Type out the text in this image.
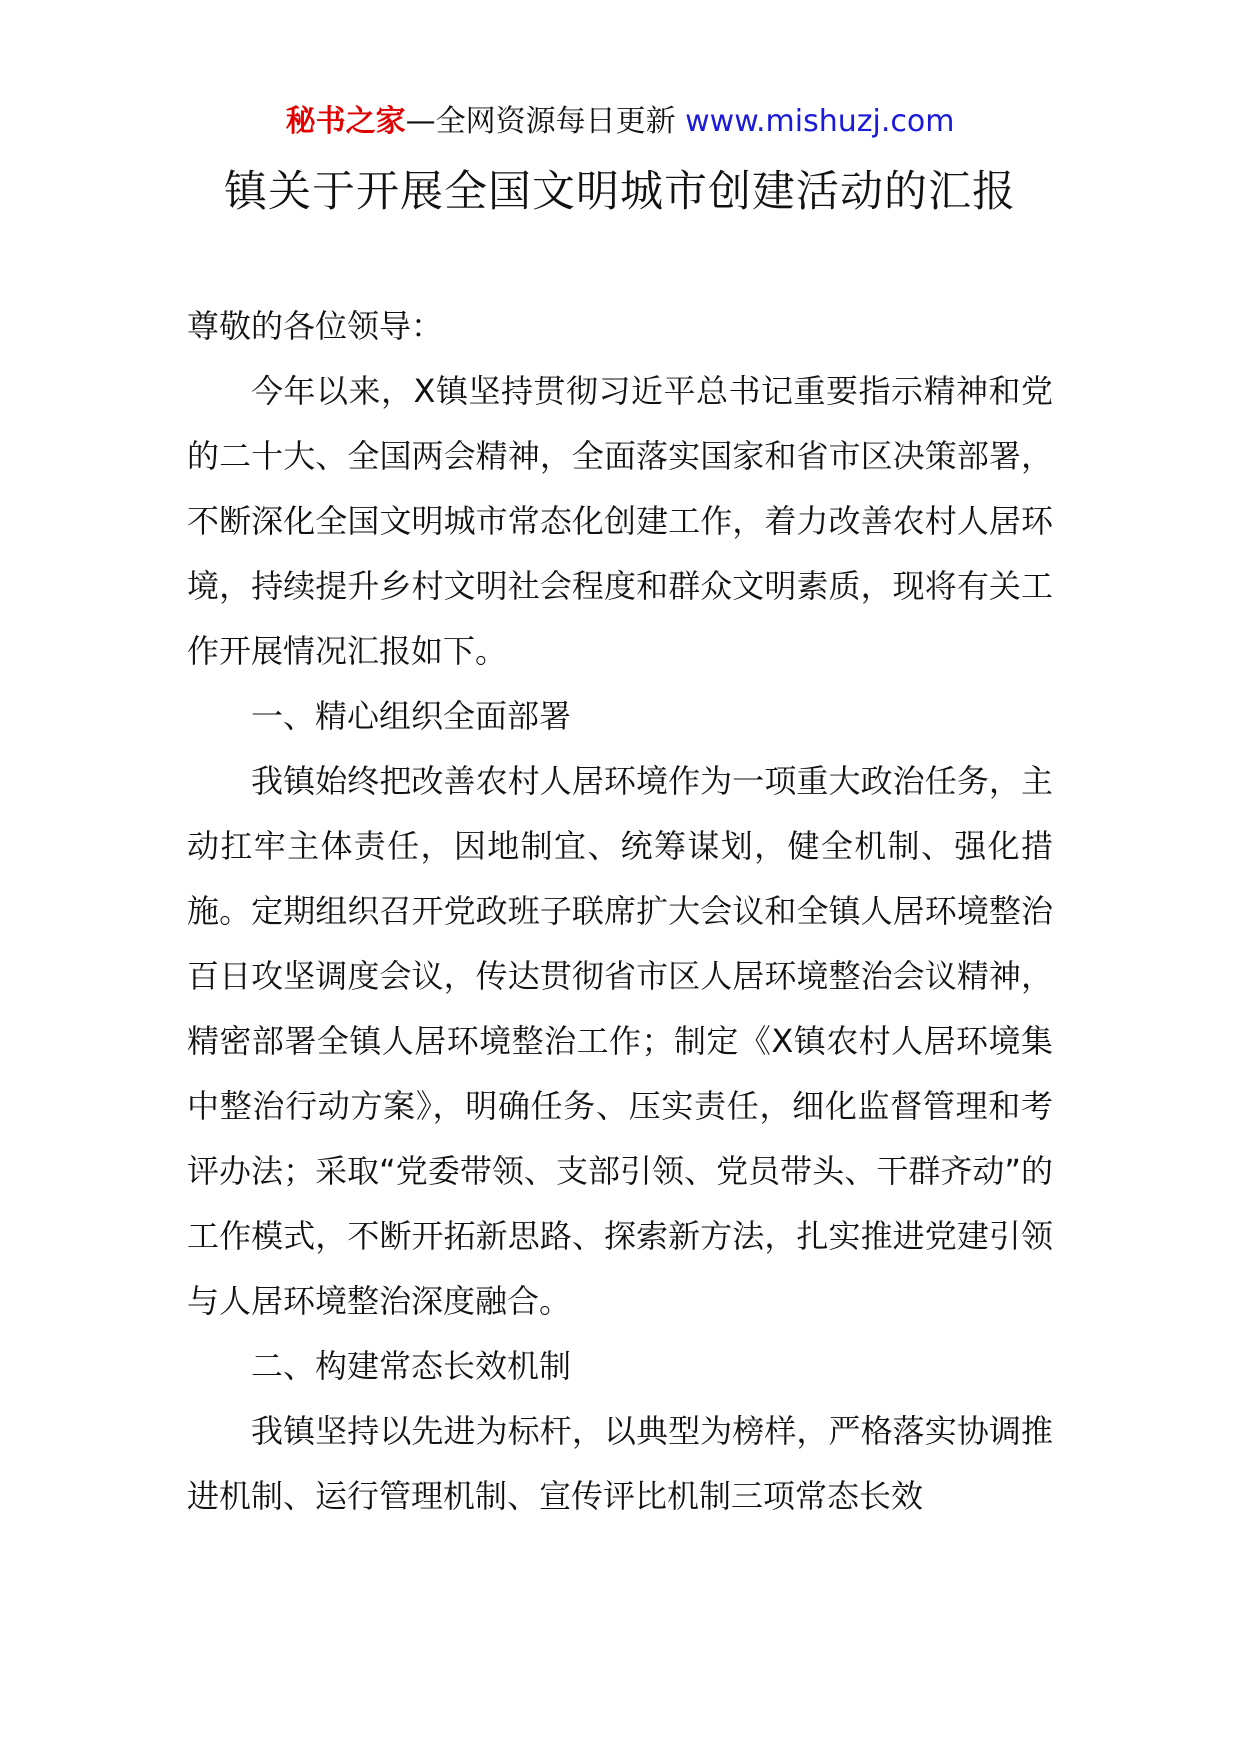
秘书之家—全网资源每日更新 www.mishuzj.com
镇关于开展全国文明城市创建活动的汇报

尊敬的各位领导：

今年以来，X镇坚持贯彻习近平总书记重要指示精神和党的二十大、全国两会精神，全面落实国家和省市区决策部署，不断深化全国文明城市常态化创建工作，着力改善农村人居环境，持续提升乡村文明社会程度和群众文明素质，现将有关工作开展情况汇报如下。

一、精心组织全面部署

我镇始终把改善农村人居环境作为一项重大政治任务，主动扛牢主体责任，因地制宜、统筹谋划，健全机制、强化措施。定期组织召开党政班子联席扩大会议和全镇人居环境整治百日攻坚调度会议，传达贯彻省市区人居环境整治会议精神，精密部署全镇人居环境整治工作；制定《X镇农村人居环境集中整治行动方案》，明确任务、压实责任，细化监督管理和考评办法；采取“党委带领、支部引领、党员带头、干群齐动”的工作模式，不断开拓新思路、探索新方法，扎实推进党建引领与人居环境整治深度融合。

二、构建常态长效机制

我镇坚持以先进为标杆，以典型为榜样，严格落实协调推进机制、运行管理机制、宣传评比机制三项常态长效
